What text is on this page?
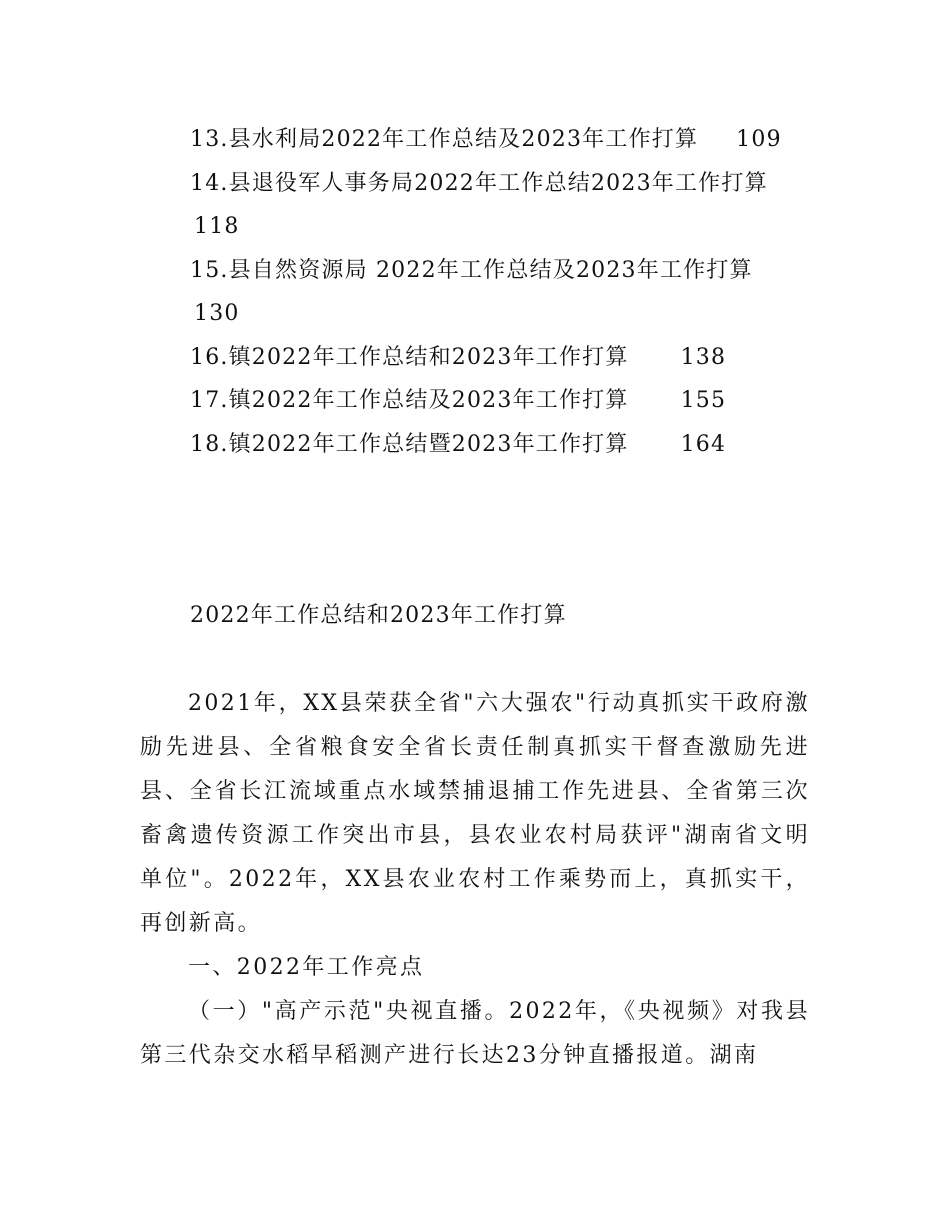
13.县水利局2022年工作总结及2023年工作打算 109
14.县退役军人事务局2022年工作总结2023年工作打算
118
15.县自然资源局 2022年工作总结及2023年工作打算
130
16.镇2022年工作总结和2023年工作打算 138
17.镇2022年工作总结及2023年工作打算 155
18.镇2022年工作总结暨2023年工作打算 164
2022年工作总结和2023年工作打算

2021年，XX县荣获全省"六大强农"行动真抓实干政府激励先进县、全省粮食安全省长责任制真抓实干督查激励先进县、全省长江流域重点水域禁捕退捕工作先进县、全省第三次畜禽遗传资源工作突出市县，县农业农村局获评"湖南省文明单位"。2022年，XX县农业农村工作乘势而上，真抓实干，再创新高。

一、2022年工作亮点

（一）"高产示范"央视直播。2022年，《央视频》对我县第三代杂交水稻早稻测产进行长达23分钟直播报道。湖南
